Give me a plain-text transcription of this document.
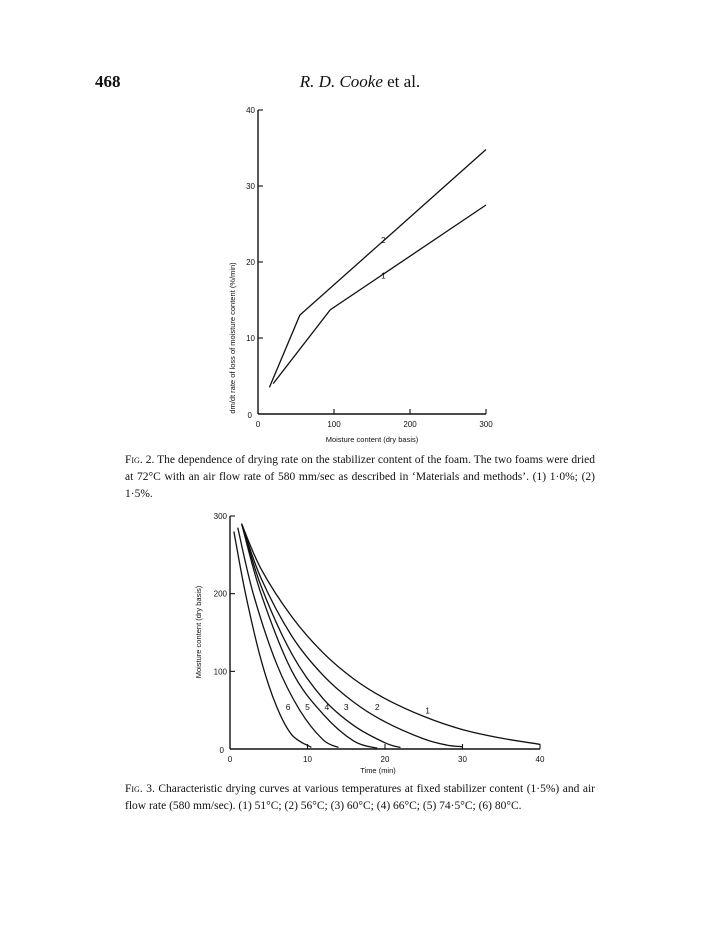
468	R. D. Cooke et al.
0	100	200	300
10
20
30
40
0
1
2
Moisture content (dry basis)
dm/dt rate of loss of moisture content (%/min)
Fig. 2. The dependence of drying rate on the stabilizer content of the foam. The two foams were dried at 72°C with an air flow rate of 580 mm/sec as described in ‘Materials and methods’. (1) 1·0%; (2) 1·5%.
0	10	20	30	40
100
200
300
0
1
2
3
4
5
6
Time (min)
Moisture content (dry basis)
Fig. 3. Characteristic drying curves at various temperatures at fixed stabilizer content (1·5%) and air flow rate (580 mm/sec). (1) 51°C; (2) 56°C; (3) 60°C; (4) 66°C; (5) 74·5°C; (6) 80°C.
